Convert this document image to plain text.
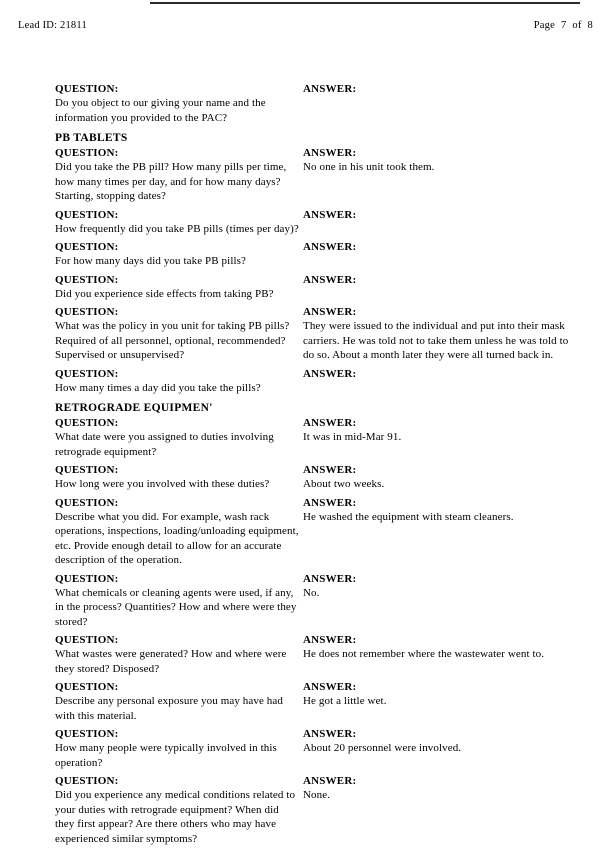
Lead ID: 21811	Page 7 of 8
QUESTION:
Do you object to our giving your name and the information you provided to the PAC?
ANSWER:
PB TABLETS
QUESTION:
Did you take the PB pill? How many pills per time, how many times per day, and for how many days? Starting, stopping dates?
ANSWER:
No one in his unit took them.
QUESTION:
How frequently did you take PB pills (times per day)?
ANSWER:
QUESTION:
For how many days did you take PB pills?
ANSWER:
QUESTION:
Did you experience side effects from taking PB?
ANSWER:
QUESTION:
What was the policy in you unit for taking PB pills? Required of all personnel, optional, recommended? Supervised or unsupervised?
ANSWER:
They were issued to the individual and put into their mask carriers. He was told not to take them unless he was told to do so. About a month later they were all turned back in.
QUESTION:
How many times a day did you take the pills?
ANSWER:
RETROGRADE EQUIPMEN'
QUESTION:
What date were you assigned to duties involving retrograde equipment?
ANSWER:
It was in mid-Mar 91.
QUESTION:
How long were you involved with these duties?
ANSWER:
About two weeks.
QUESTION:
Describe what you did. For example, wash rack operations, inspections, loading/unloading equipment, etc. Provide enough detail to allow for an accurate description of the operation.
ANSWER:
He washed the equipment with steam cleaners.
QUESTION:
What chemicals or cleaning agents were used, if any, in the process? Quantities? How and where were they stored?
ANSWER:
No.
QUESTION:
What wastes were generated? How and where were they stored? Disposed?
ANSWER:
He does not remember where the wastewater went to.
QUESTION:
Describe any personal exposure you may have had with this material.
ANSWER:
He got a little wet.
QUESTION:
How many people were typically involved in this operation?
ANSWER:
About 20 personnel were involved.
QUESTION:
Did you experience any medical conditions related to your duties with retrograde equipment? When did they first appear? Are there others who may have experienced similar symptoms?
ANSWER:
None.
